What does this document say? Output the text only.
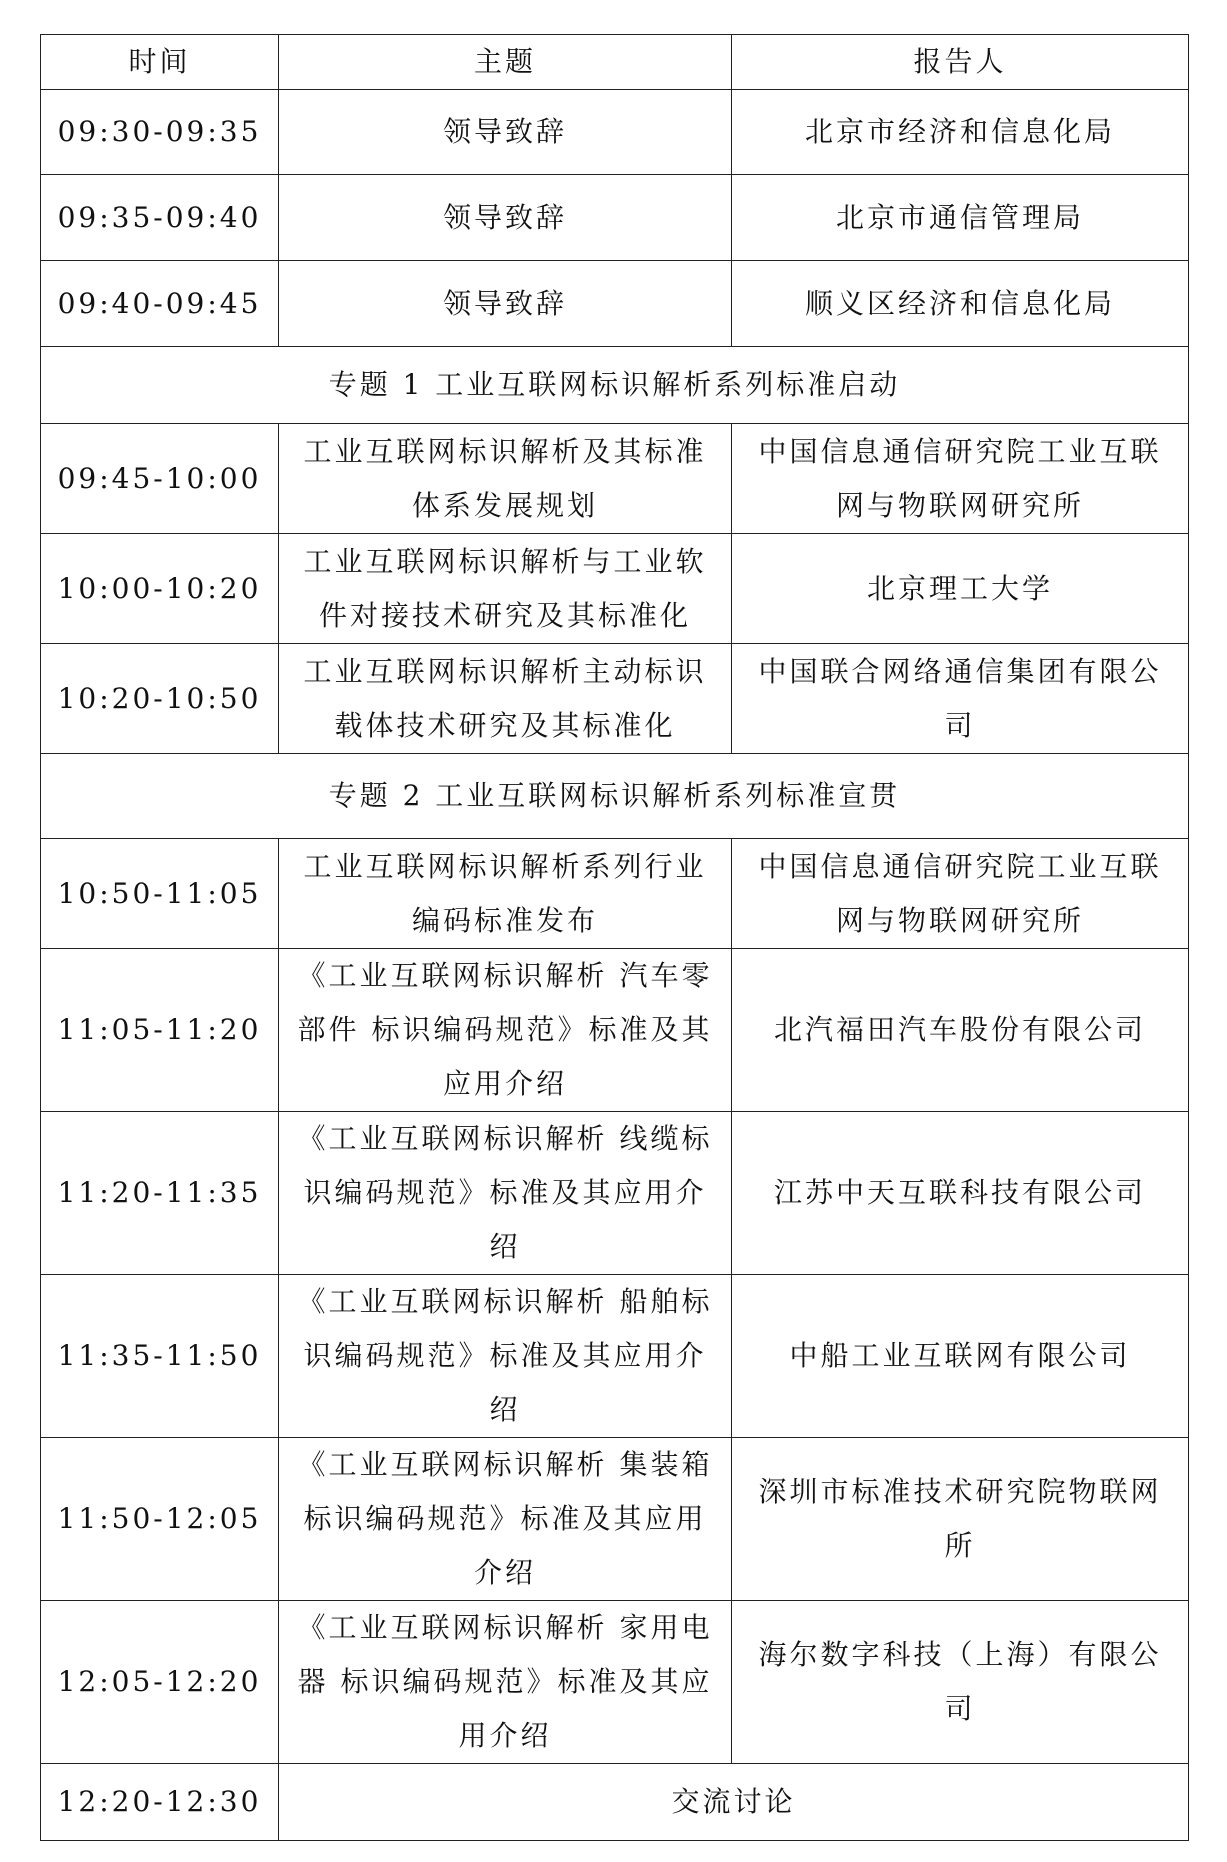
时间	主题	报告人
09:30-09:35	领导致辞	北京市经济和信息化局
09:35-09:40	领导致辞	北京市通信管理局
09:40-09:45	领导致辞	顺义区经济和信息化局
专题 1 工业互联网标识解析系列标准启动		
09:45-10:00	工业互联网标识解析及其标准体系发展规划	中国信息通信研究院工业互联网与物联网研究所
10:00-10:20	工业互联网标识解析与工业软件对接技术研究及其标准化	北京理工大学
10:20-10:50	工业互联网标识解析主动标识载体技术研究及其标准化	中国联合网络通信集团有限公司
专题 2 工业互联网标识解析系列标准宣贯		
10:50-11:05	工业互联网标识解析系列行业编码标准发布	中国信息通信研究院工业互联网与物联网研究所
11:05-11:20	《工业互联网标识解析 汽车零部件 标识编码规范》标准及其应用介绍	北汽福田汽车股份有限公司
11:20-11:35	《工业互联网标识解析 线缆标识编码规范》标准及其应用介绍	江苏中天互联科技有限公司
11:35-11:50	《工业互联网标识解析 船舶标识编码规范》标准及其应用介绍	中船工业互联网有限公司
11:50-12:05	《工业互联网标识解析 集装箱 标识编码规范》标准及其应用介绍	深圳市标准技术研究院物联网所
12:05-12:20	《工业互联网标识解析 家用电器 标识编码规范》标准及其应用介绍	海尔数字科技（上海）有限公司
12:20-12:30	交流讨论	
